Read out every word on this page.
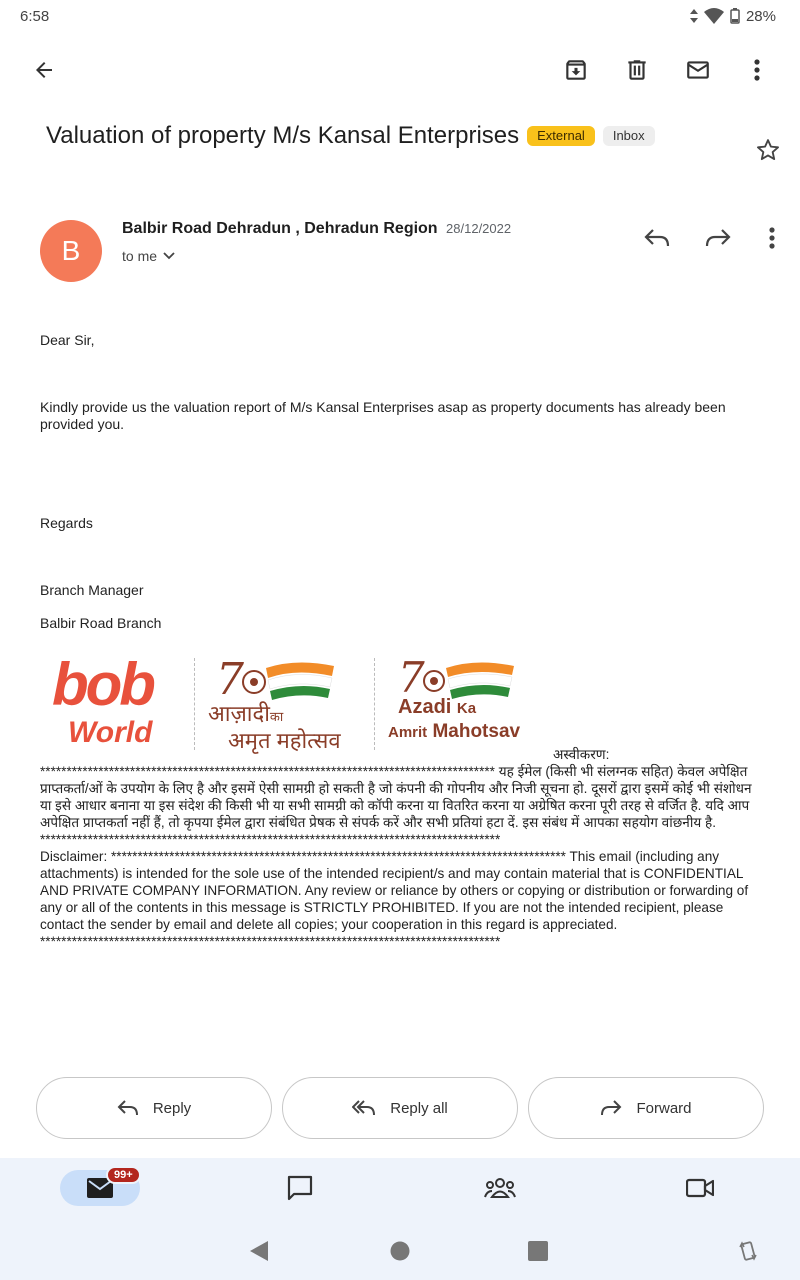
6:58	28%
Valuation of property M/s Kansal Enterprises	External	Inbox
B
Balbir Road Dehradun , Dehradun Region 28/12/2022
to me

Dear Sir,

Kindly provide us the valuation report of M/s Kansal Enterprises asap as property documents has already been provided you.

Regards

Branch Manager

Balbir Road Branch

bob
World
7
आज़ादीका
अमृत महोत्सव
7
Azadi Ka
Amrit Mahotsav
अस्वीकरण:

************************************************************************************** यह ईमेल (किसी भी संलग्नक सहित) केवल अपेक्षित प्राप्तकर्ता/ओं के उपयोग के लिए है और इसमें ऐसी सामग्री हो सकती है जो कंपनी की गोपनीय और निजी सूचना हो. दूसरों द्वारा इसमें कोई भी संशोधन या इसे आधार बनाना या इस संदेश की किसी भी या सभी सामग्री को कॉपी करना या वितरित करना या अग्रेषित करना पूरी तरह से वर्जित है. यदि आप अपेक्षित प्राप्तकर्ता नहीं हैं, तो कृपया ईमेल द्वारा संबंधित प्रेषक से संपर्क करें और सभी प्रतियां हटा दें. इस संबंध में आपका सहयोग वांछनीय है. ***************************************************************************************

Disclaimer: ************************************************************************************** This email (including any attachments) is intended for the sole use of the intended recipient/s and may contain material that is CONFIDENTIAL AND PRIVATE COMPANY INFORMATION. Any review or reliance by others or copying or distribution or forwarding of any or all of the contents in this message is STRICTLY PROHIBITED. If you are not the intended recipient, please contact the sender by email and delete all copies; your cooperation in this regard is appreciated. ***************************************************************************************

Reply	Reply all	Forward
99+
